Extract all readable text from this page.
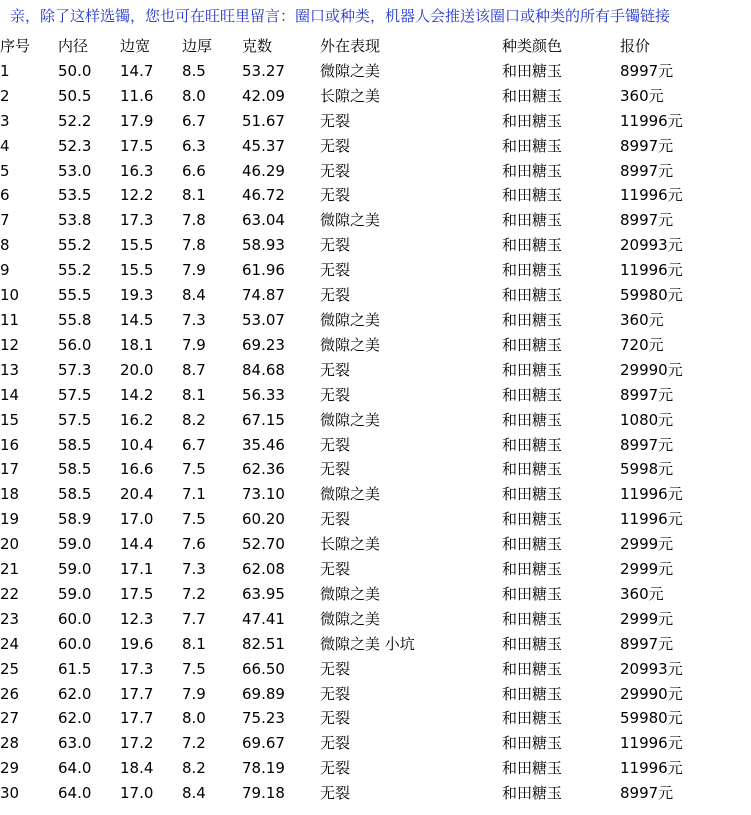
亲，除了这样选镯，您也可在旺旺里留言：圈口或种类，机器人会推送该圈口或种类的所有手镯链接
序号	内径	边宽	边厚	克数	外在表现	种类颜色	报价
1	50.0	14.7	8.5	53.27	微隙之美	和田糖玉	8997元
2	50.5	11.6	8.0	42.09	长隙之美	和田糖玉	360元
3	52.2	17.9	6.7	51.67	无裂	和田糖玉	11996元
4	52.3	17.5	6.3	45.37	无裂	和田糖玉	8997元
5	53.0	16.3	6.6	46.29	无裂	和田糖玉	8997元
6	53.5	12.2	8.1	46.72	无裂	和田糖玉	11996元
7	53.8	17.3	7.8	63.04	微隙之美	和田糖玉	8997元
8	55.2	15.5	7.8	58.93	无裂	和田糖玉	20993元
9	55.2	15.5	7.9	61.96	无裂	和田糖玉	11996元
10	55.5	19.3	8.4	74.87	无裂	和田糖玉	59980元
11	55.8	14.5	7.3	53.07	微隙之美	和田糖玉	360元
12	56.0	18.1	7.9	69.23	微隙之美	和田糖玉	720元
13	57.3	20.0	8.7	84.68	无裂	和田糖玉	29990元
14	57.5	14.2	8.1	56.33	无裂	和田糖玉	8997元
15	57.5	16.2	8.2	67.15	微隙之美	和田糖玉	1080元
16	58.5	10.4	6.7	35.46	无裂	和田糖玉	8997元
17	58.5	16.6	7.5	62.36	无裂	和田糖玉	5998元
18	58.5	20.4	7.1	73.10	微隙之美	和田糖玉	11996元
19	58.9	17.0	7.5	60.20	无裂	和田糖玉	11996元
20	59.0	14.4	7.6	52.70	长隙之美	和田糖玉	2999元
21	59.0	17.1	7.3	62.08	无裂	和田糖玉	2999元
22	59.0	17.5	7.2	63.95	微隙之美	和田糖玉	360元
23	60.0	12.3	7.7	47.41	微隙之美	和田糖玉	2999元
24	60.0	19.6	8.1	82.51	微隙之美 小坑	和田糖玉	8997元
25	61.5	17.3	7.5	66.50	无裂	和田糖玉	20993元
26	62.0	17.7	7.9	69.89	无裂	和田糖玉	29990元
27	62.0	17.7	8.0	75.23	无裂	和田糖玉	59980元
28	63.0	17.2	7.2	69.67	无裂	和田糖玉	11996元
29	64.0	18.4	8.2	78.19	无裂	和田糖玉	11996元
30	64.0	17.0	8.4	79.18	无裂	和田糖玉	8997元
